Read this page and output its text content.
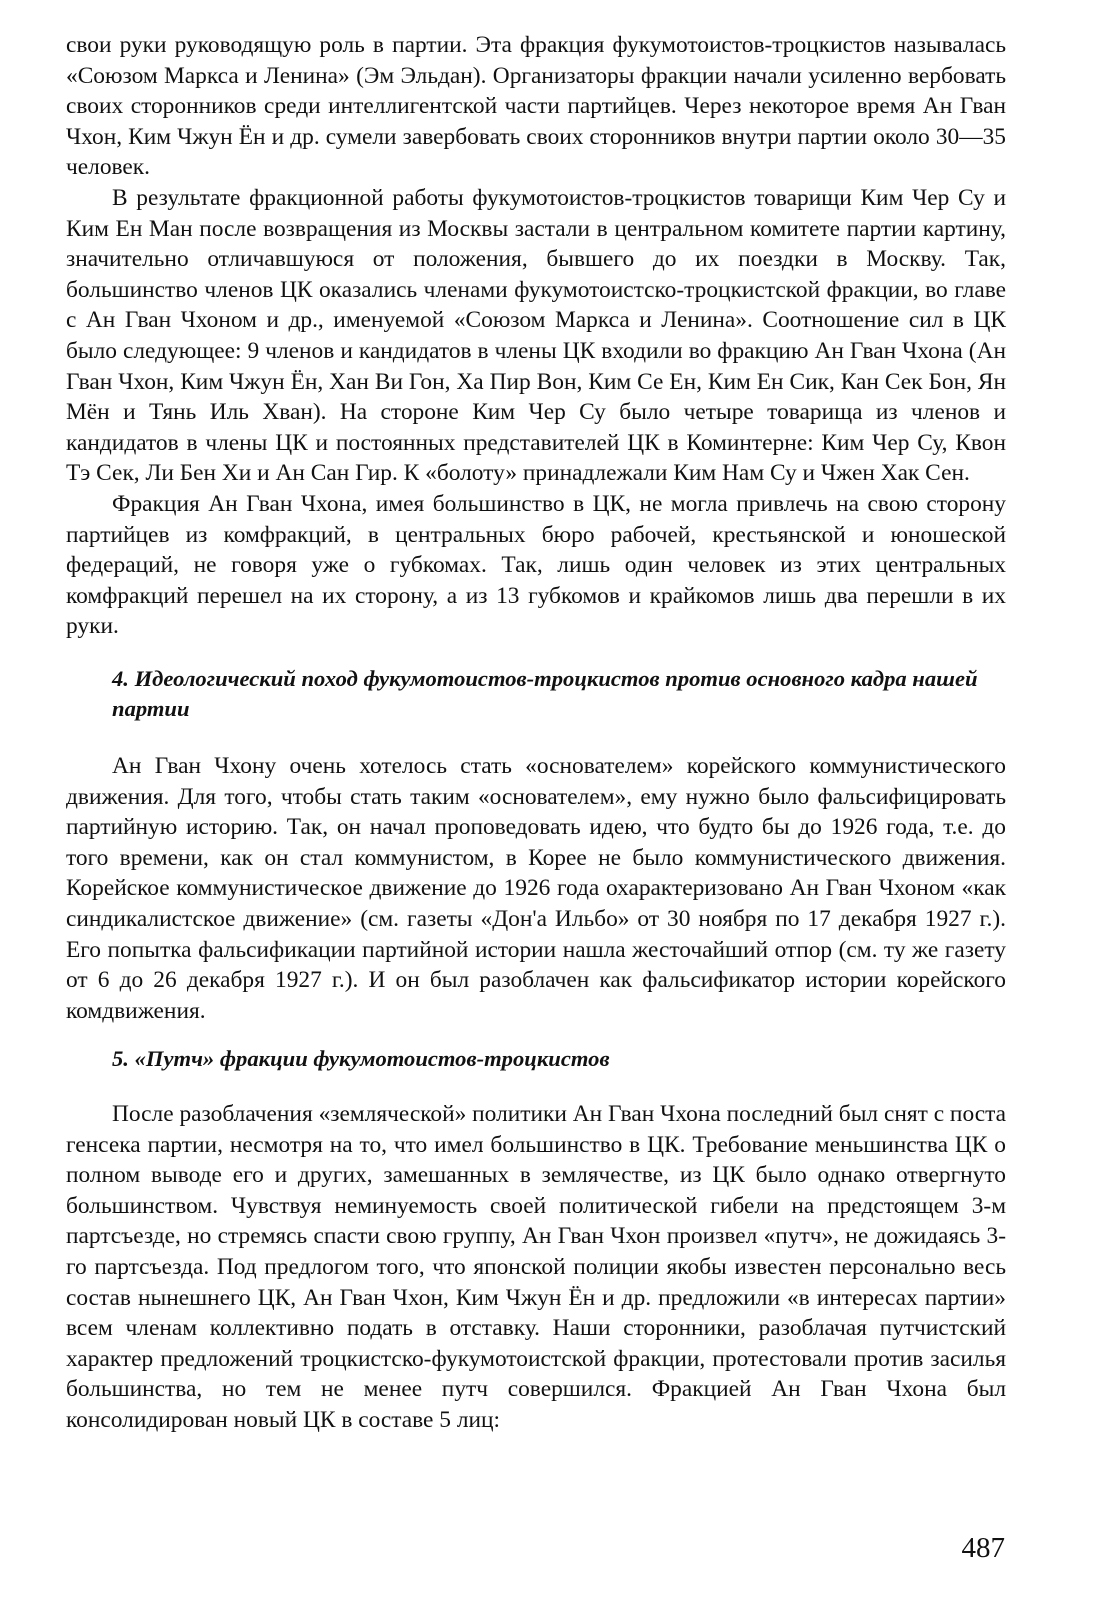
свои руки руководящую роль в партии. Эта фракция фукумотоистов-троцкистов называлась «Союзом Маркса и Ленина» (Эм Эльдан). Организаторы фракции начали усиленно вербовать своих сторонников среди интеллигентской части партийцев. Через некоторое время Ан Гван Чхон, Ким Чжун Ён и др. сумели завербовать своих сторонников внутри партии около 30—35 человек.

В результате фракционной работы фукумотоистов-троцкистов товарищи Ким Чер Су и Ким Ен Ман после возвращения из Москвы застали в центральном комитете партии картину, значительно отличавшуюся от положения, бывшего до их поездки в Москву. Так, большинство членов ЦК оказались членами фукумотоистско-троцкистской фракции, во главе с Ан Гван Чхоном и др., именуемой «Союзом Маркса и Ленина». Соотношение сил в ЦК было следующее: 9 членов и кандидатов в члены ЦК входили во фракцию Ан Гван Чхона (Ан Гван Чхон, Ким Чжун Ён, Хан Ви Гон, Ха Пир Вон, Ким Се Ен, Ким Ен Сик, Кан Сек Бон, Ян Мён и Тянь Иль Хван). На стороне Ким Чер Су было четыре товарища из членов и кандидатов в члены ЦК и постоянных представителей ЦК в Коминтерне: Ким Чер Су, Квон Тэ Сек, Ли Бен Хи и Ан Сан Гир. К «болоту» принадлежали Ким Нам Су и Чжен Хак Сен.

Фракция Ан Гван Чхона, имея большинство в ЦК, не могла привлечь на свою сторону партийцев из комфракций, в центральных бюро рабочей, крестьянской и юношеской федераций, не говоря уже о губкомах. Так, лишь один человек из этих центральных комфракций перешел на их сторону, а из 13 губкомов и крайкомов лишь два перешли в их руки.

4. Идеологический поход фукумотоистов-троцкистов против основного кадра нашей партии

Ан Гван Чхону очень хотелось стать «основателем» корейского коммунистического движения. Для того, чтобы стать таким «основателем», ему нужно было фальсифицировать партийную историю. Так, он начал проповедовать идею, что будто бы до 1926 года, т.е. до того времени, как он стал коммунистом, в Корее не было коммунистического движения. Корейское коммунистическое движение до 1926 года охарактеризовано Ан Гван Чхоном «как синдикалистское движение» (см. газеты «Дон'а Ильбо» от 30 ноября по 17 декабря 1927 г.). Его попытка фальсификации партийной истории нашла жесточайший отпор (см. ту же газету от 6 до 26 декабря 1927 г.). И он был разоблачен как фальсификатор истории корейского комдвижения.

5. «Путч» фракции фукумотоистов-троцкистов

После разоблачения «земляческой» политики Ан Гван Чхона последний был снят с поста генсека партии, несмотря на то, что имел большинство в ЦК. Требование меньшинства ЦК о полном выводе его и других, замешанных в землячестве, из ЦК было однако отвергнуто большинством. Чувствуя неминуемость своей политической гибели на предстоящем 3-м партсъезде, но стремясь спасти свою группу, Ан Гван Чхон произвел «путч», не дожидаясь 3-го партсъезда. Под предлогом того, что японской полиции якобы известен персонально весь состав нынешнего ЦК, Ан Гван Чхон, Ким Чжун Ён и др. предложили «в интересах партии» всем членам коллективно подать в отставку. Наши сторонники, разоблачая путчистский характер предложений троцкистско-фукумотоистской фракции, протестовали против засилья большинства, но тем не менее путч совершился. Фракцией Ан Гван Чхона был консолидирован новый ЦК в составе 5 лиц:

487
